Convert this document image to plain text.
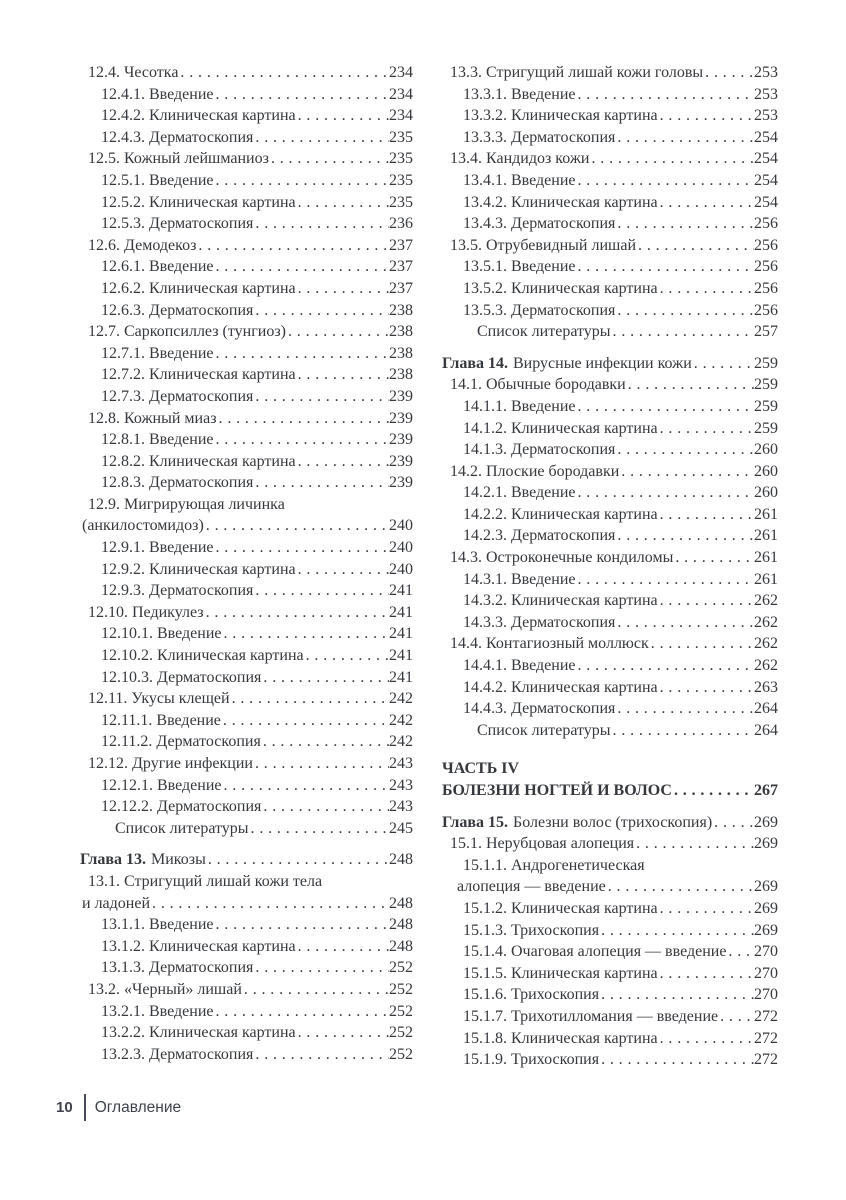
12.4. Чесотка .....	234
12.4.1. Введение .....	234
12.4.2. Клиническая картина .....	234
12.4.3. Дерматоскопия .....	235
12.5. Кожный лейшманиоз .....	235
12.5.1. Введение .....	235
12.5.2. Клиническая картина .....	235
12.5.3. Дерматоскопия .....	236
12.6. Демодекоз .....	237
12.6.1. Введение .....	237
12.6.2. Клиническая картина .....	237
12.6.3. Дерматоскопия .....	238
12.7. Саркопсиллез (тунгиоз) .....	238
12.7.1. Введение .....	238
12.7.2. Клиническая картина .....	238
12.7.3. Дерматоскопия .....	239
12.8. Кожный миаз .....	239
12.8.1. Введение .....	239
12.8.2. Клиническая картина .....	239
12.8.3. Дерматоскопия .....	239
12.9. Мигрирующая личинка
(анкилостомидоз) .....	240
12.9.1. Введение .....	240
12.9.2. Клиническая картина .....	240
12.9.3. Дерматоскопия .....	241
12.10. Педикулез .....	241
12.10.1. Введение .....	241
12.10.2. Клиническая картина .....	241
12.10.3. Дерматоскопия .....	241
12.11. Укусы клещей .....	242
12.11.1. Введение .....	242
12.11.2. Дерматоскопия .....	242
12.12. Другие инфекции .....	243
12.12.1. Введение .....	243
12.12.2. Дерматоскопия .....	243
Список литературы .....	245
Глава 13. Микозы .....	248
13.1. Стригущий лишай кожи тела
и ладоней .....	248
13.1.1. Введение .....	248
13.1.2. Клиническая картина .....	248
13.1.3. Дерматоскопия .....	252
13.2. «Черный» лишай .....	252
13.2.1. Введение .....	252
13.2.2. Клиническая картина .....	252
13.2.3. Дерматоскопия .....	252
13.3. Стригущий лишай кожи головы .....	253
13.3.1. Введение .....	253
13.3.2. Клиническая картина .....	253
13.3.3. Дерматоскопия .....	254
13.4. Кандидоз кожи .....	254
13.4.1. Введение .....	254
13.4.2. Клиническая картина .....	254
13.4.3. Дерматоскопия .....	256
13.5. Отрубевидный лишай .....	256
13.5.1. Введение .....	256
13.5.2. Клиническая картина .....	256
13.5.3. Дерматоскопия .....	256
Список литературы .....	257
Глава 14. Вирусные инфекции кожи .....	259
14.1. Обычные бородавки .....	259
14.1.1. Введение .....	259
14.1.2. Клиническая картина .....	259
14.1.3. Дерматоскопия .....	260
14.2. Плоские бородавки .....	260
14.2.1. Введение .....	260
14.2.2. Клиническая картина .....	261
14.2.3. Дерматоскопия .....	261
14.3. Остроконечные кондиломы .....	261
14.3.1. Введение .....	261
14.3.2. Клиническая картина .....	262
14.3.3. Дерматоскопия .....	262
14.4. Контагиозный моллюск .....	262
14.4.1. Введение .....	262
14.4.2. Клиническая картина .....	263
14.4.3. Дерматоскопия .....	264
Список литературы .....	264
ЧАСТЬ IV
БОЛЕЗНИ НОГТЕЙ И ВОЛОС .....	267
Глава 15. Болезни волос (трихоскопия) .....	269
15.1. Нерубцовая алопеция .....	269
15.1.1. Андрогенетическая
алопеция — введение .....	269
15.1.2. Клиническая картина .....	269
15.1.3. Трихоскопия .....	269
15.1.4. Очаговая алопеция — введение ..... 270
15.1.5. Клиническая картина .....	270
15.1.6. Трихоскопия .....	270
15.1.7. Трихотилломания — введение ..... 272
15.1.8. Клиническая картина .....	272
15.1.9. Трихоскопия .....	272
10 Оглавление
